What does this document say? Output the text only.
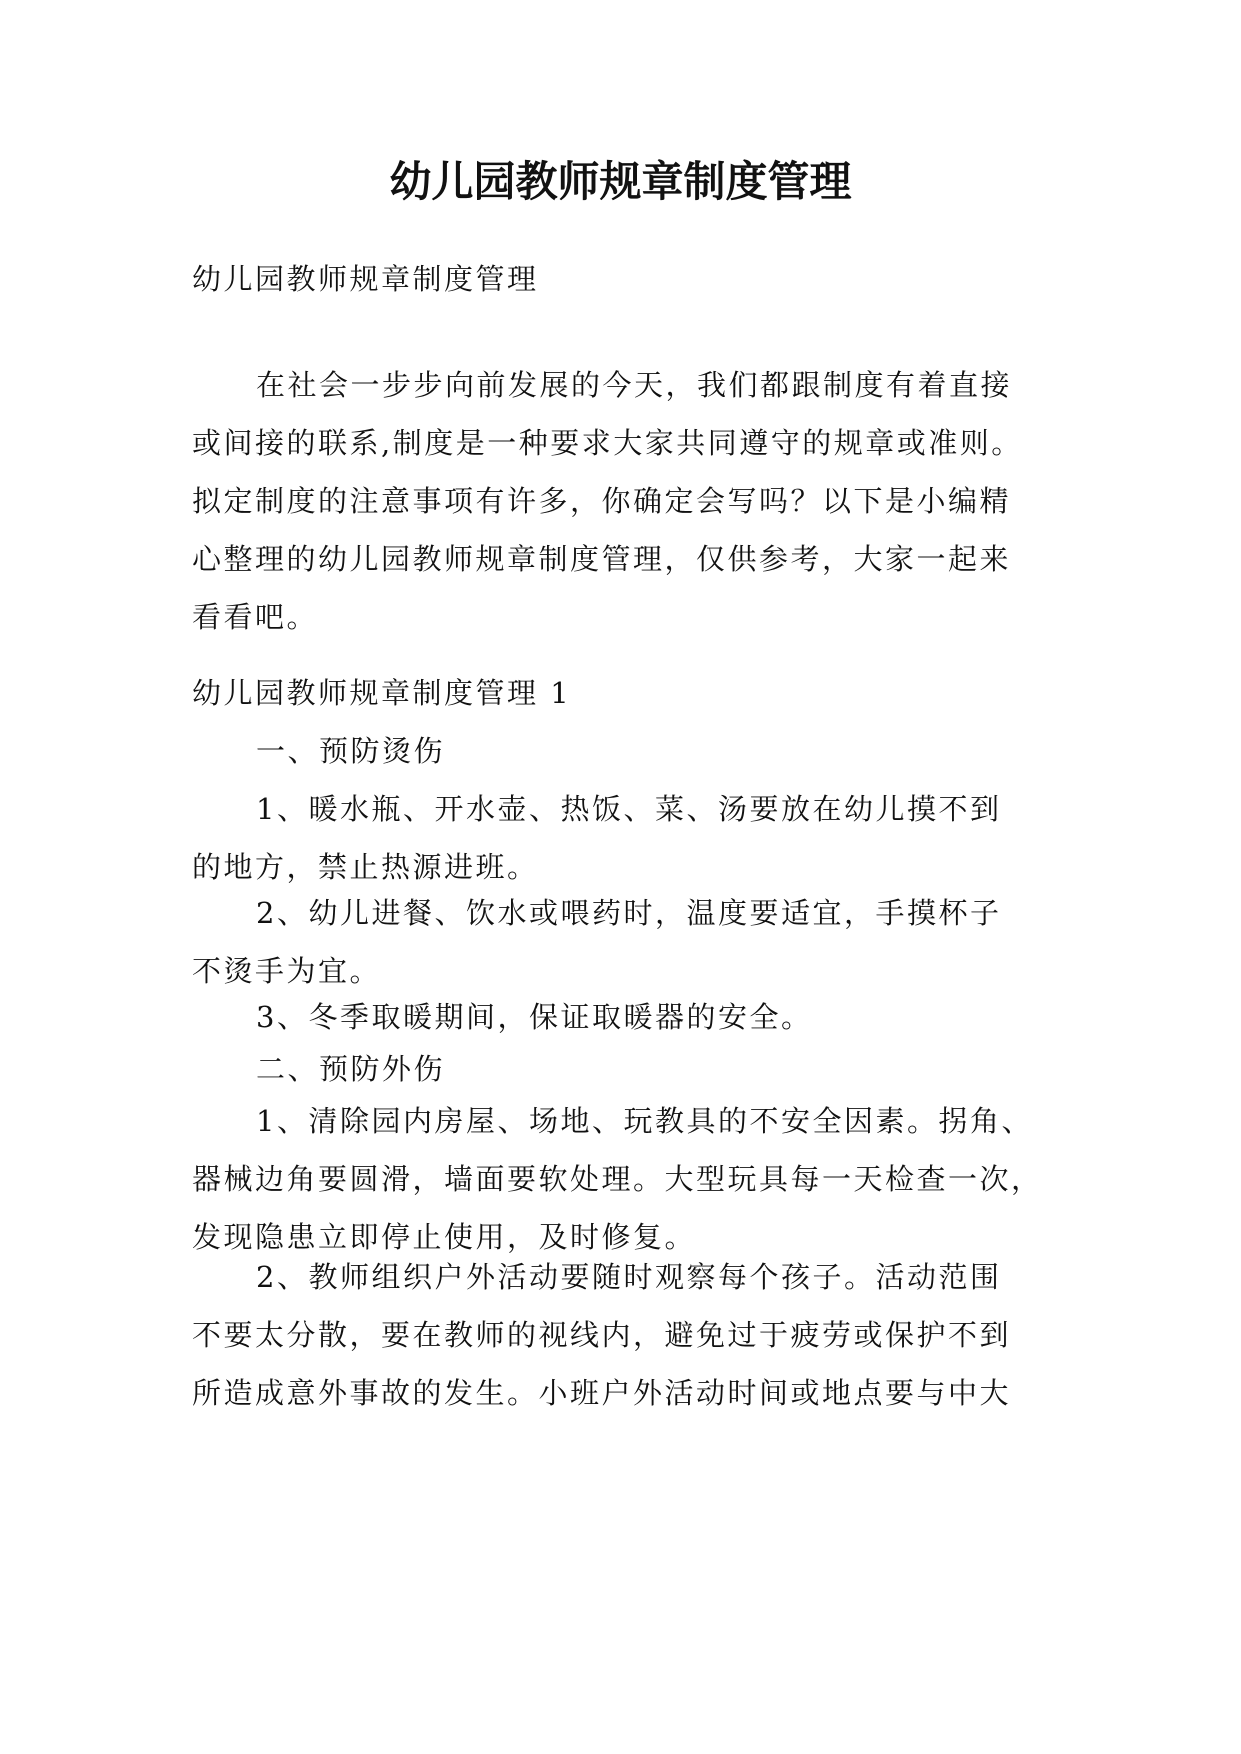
幼儿园教师规章制度管理

幼儿园教师规章制度管理

在社会一步步向前发展的今天，我们都跟制度有着直接
或间接的联系,制度是一种要求大家共同遵守的规章或准则。
拟定制度的注意事项有许多，你确定会写吗？以下是小编精
心整理的幼儿园教师规章制度管理，仅供参考，大家一起来
看看吧。

幼儿园教师规章制度管理 1

一、预防烫伤

1、暖水瓶、开水壶、热饭、菜、汤要放在幼儿摸不到
的地方，禁止热源进班。

2、幼儿进餐、饮水或喂药时，温度要适宜，手摸杯子
不烫手为宜。

3、冬季取暖期间，保证取暖器的安全。

二、预防外伤

1、清除园内房屋、场地、玩教具的不安全因素。拐角、
器械边角要圆滑，墙面要软处理。大型玩具每一天检查一次，
发现隐患立即停止使用，及时修复。

2、教师组织户外活动要随时观察每个孩子。活动范围
不要太分散，要在教师的视线内，避免过于疲劳或保护不到
所造成意外事故的发生。小班户外活动时间或地点要与中大
